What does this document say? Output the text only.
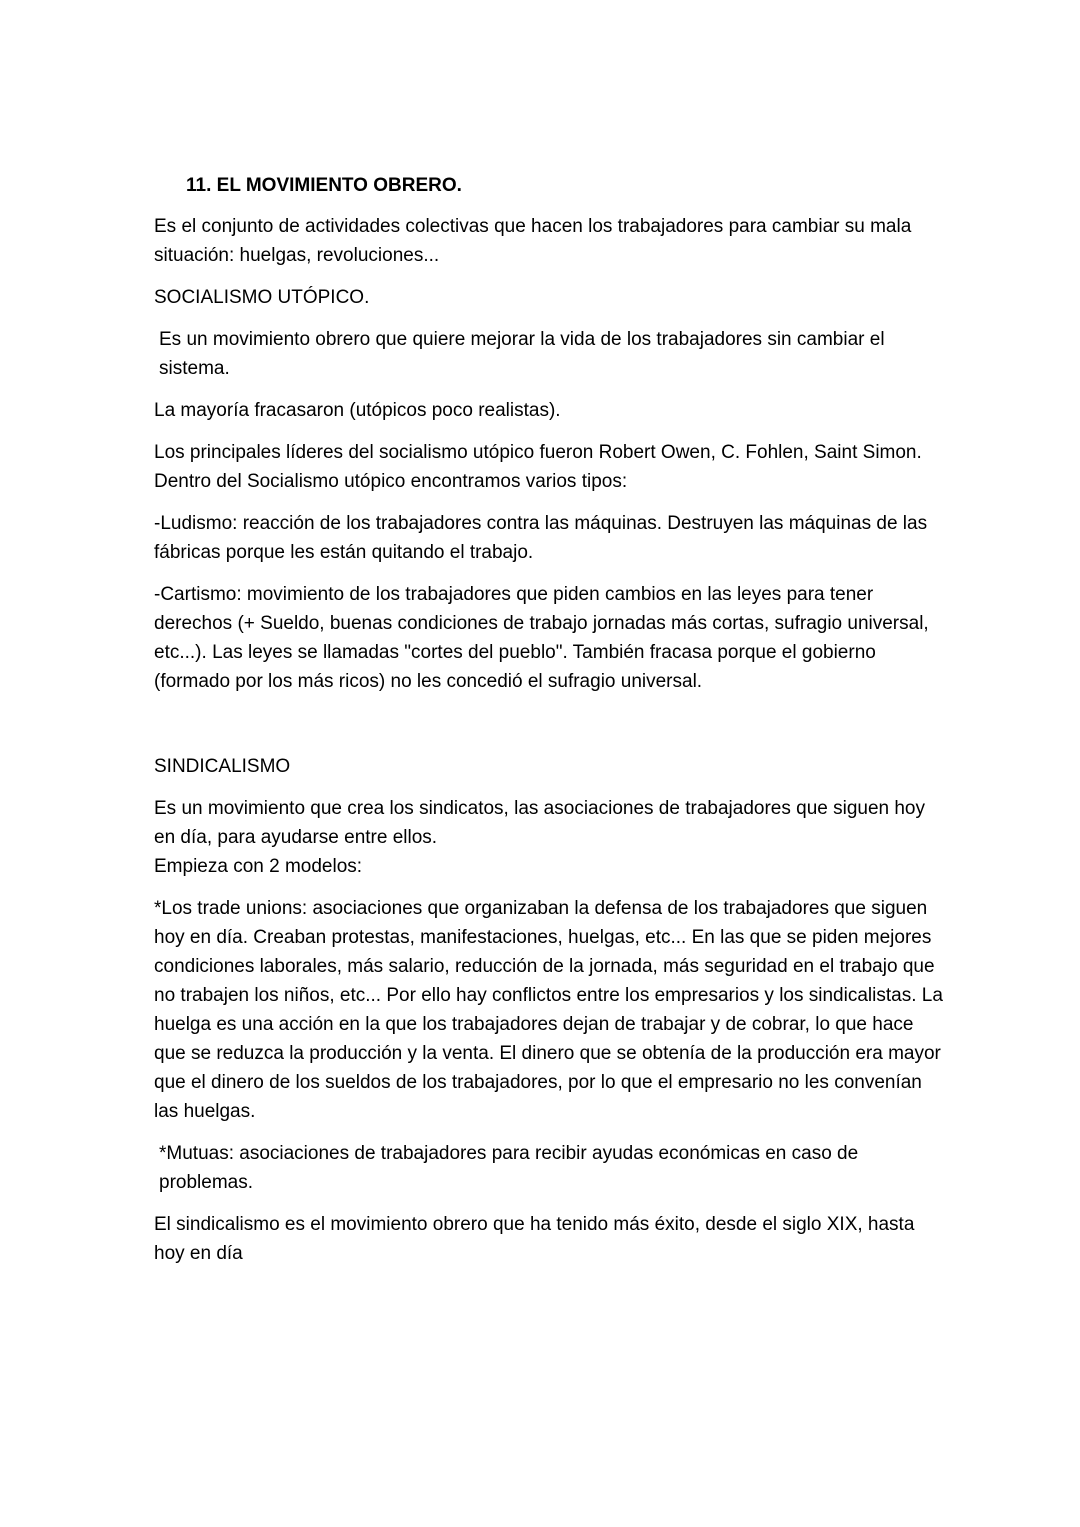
11. EL MOVIMIENTO OBRERO.

Es el conjunto de actividades colectivas que hacen los trabajadores para cambiar su mala situación: huelgas, revoluciones...

SOCIALISMO UTÓPICO.

Es un movimiento obrero que quiere mejorar la vida de los trabajadores sin cambiar el sistema.

La mayoría fracasaron (utópicos poco realistas).

Los principales líderes del socialismo utópico fueron Robert Owen, C. Fohlen, Saint Simon. Dentro del Socialismo utópico encontramos varios tipos:

-Ludismo: reacción de los trabajadores contra las máquinas. Destruyen las máquinas de las fábricas porque les están quitando el trabajo.

-Cartismo: movimiento de los trabajadores que piden cambios en las leyes para tener derechos (+ Sueldo, buenas condiciones de trabajo jornadas más cortas, sufragio universal, etc...). Las leyes se llamadas "cortes del pueblo". También fracasa porque el gobierno (formado por los más ricos) no les concedió el sufragio universal.

SINDICALISMO

Es un movimiento que crea los sindicatos, las asociaciones de trabajadores que siguen hoy en día, para ayudarse entre ellos.

Empieza con 2 modelos:

*Los trade unions: asociaciones que organizaban la defensa de los trabajadores que siguen hoy en día. Creaban protestas, manifestaciones, huelgas, etc... En las que se piden mejores condiciones laborales, más salario, reducción de la jornada, más seguridad en el trabajo que no trabajen los niños, etc... Por ello hay conflictos entre los empresarios y los sindicalistas. La huelga es una acción en la que los trabajadores dejan de trabajar y de cobrar, lo que hace que se reduzca la producción y la venta. El dinero que se obtenía de la producción era mayor que el dinero de los sueldos de los trabajadores, por lo que el empresario no les convenían las huelgas.

*Mutuas: asociaciones de trabajadores para recibir ayudas económicas en caso de problemas.

El sindicalismo es el movimiento obrero que ha tenido más éxito, desde el siglo XIX, hasta hoy en día
